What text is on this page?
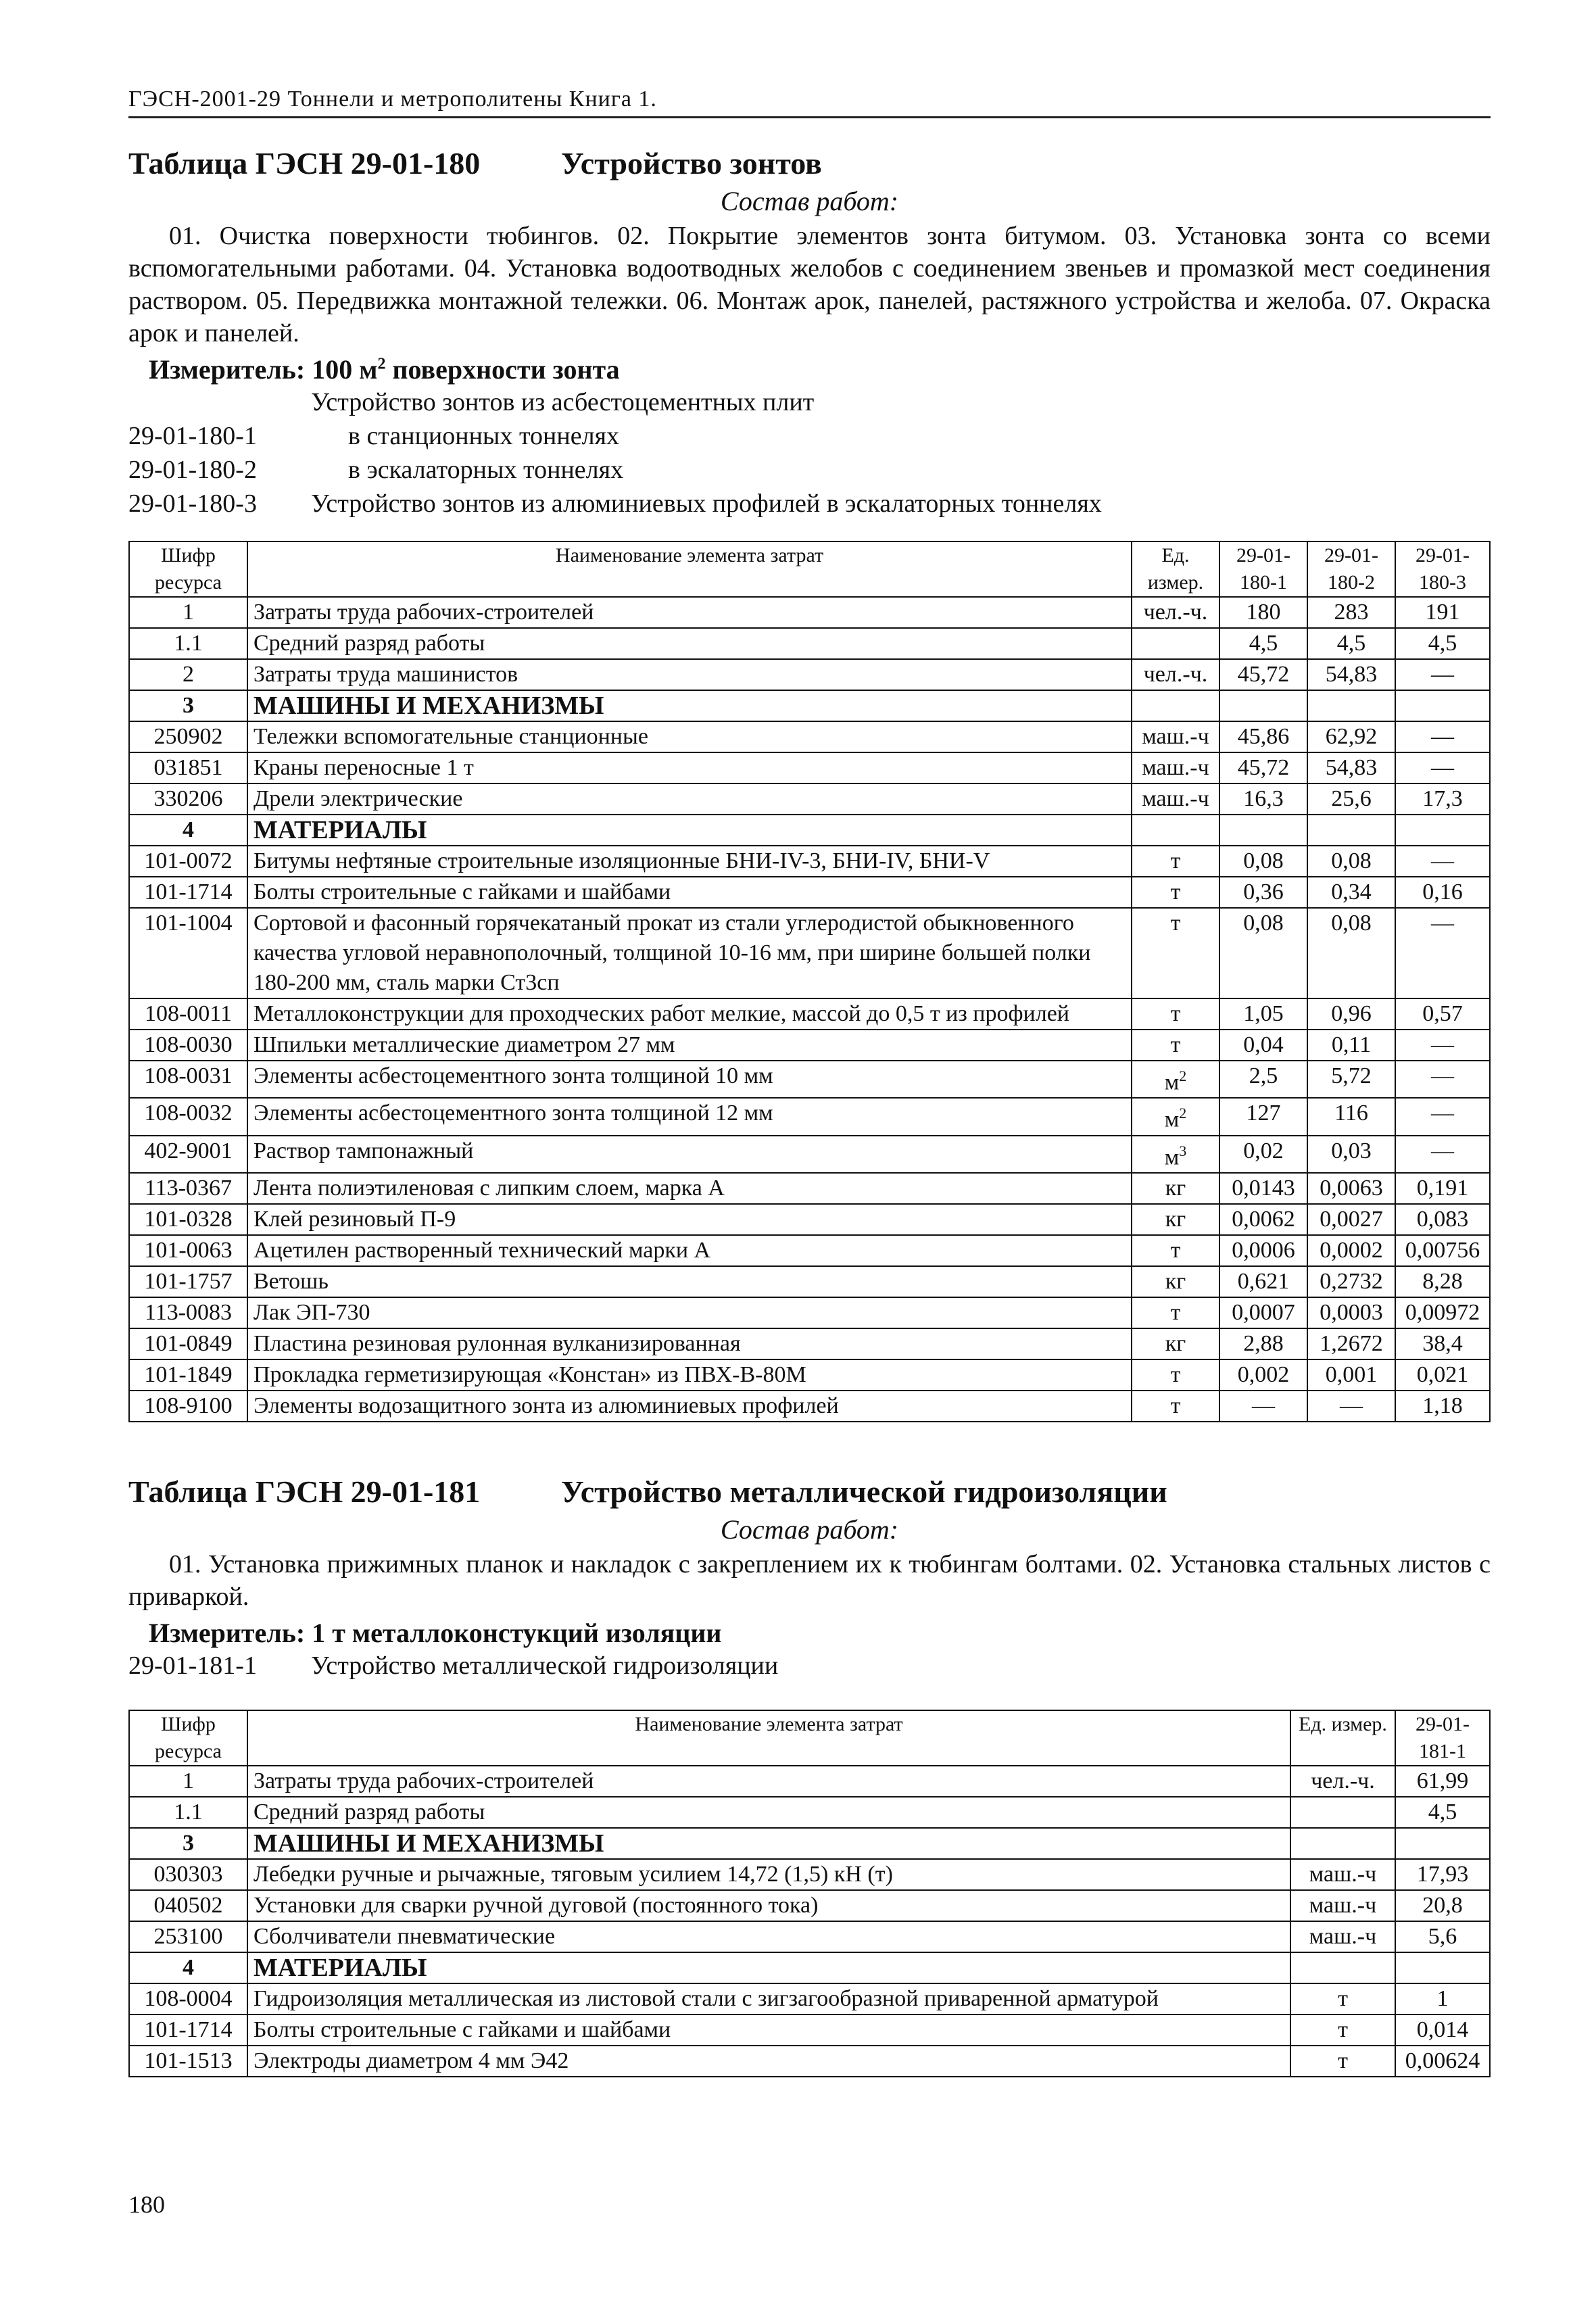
ГЭСН-2001-29 Тоннели и метрополитены Книга 1.
Таблица ГЭСН 29-01-180	Устройство зонтов
Состав работ:
01. Очистка поверхности тюбингов. 02. Покрытие элементов зонта битумом. 03. Установка зонта со всеми вспомогательными работами. 04. Установка водоотводных желобов с соединением звеньев и промазкой мест соединения раствором. 05. Передвижка монтажной тележки. 06. Монтаж арок, панелей, растяжного устройства и желоба. 07. Окраска арок и панелей.
Измеритель: 100 $м^2$ поверхности зонта
Устройство зонтов из асбестоцементных плит
29-01-180-1	в станционных тоннелях
29-01-180-2	в эскалаторных тоннелях
29-01-180-3	Устройство зонтов из алюминиевых профилей в эскалаторных тоннелях
Шифр ресурса	Наименование элемента затрат	Ед. измер.	29-01-180-1	29-01-180-2	29-01-180-3
1	Затраты труда рабочих-строителей	чел.-ч.	180	283	191
1.1	Средний разряд работы		4,5	4,5	4,5
2	Затраты труда машинистов	чел.-ч.	45,72	54,83	—
3	МАШИНЫ И МЕХАНИЗМЫ				
250902	Тележки вспомогательные станционные	маш.-ч	45,86	62,92	—
031851	Краны переносные 1 т	маш.-ч	45,72	54,83	—
330206	Дрели электрические	маш.-ч	16,3	25,6	17,3
4	МАТЕРИАЛЫ				
101-0072	Битумы нефтяные строительные изоляционные БНИ-IV-3, БНИ-IV, БНИ-V	т	0,08	0,08	—
101-1714	Болты строительные с гайками и шайбами	т	0,36	0,34	0,16
101-1004	Сортовой и фасонный горячекатаный прокат из стали углеродистой обыкновенного качества угловой неравнополочный, толщиной 10-16 мм, при ширине большей полки 180-200 мм, сталь марки Ст3сп	т	0,08	0,08	—
108-0011	Металлоконструкции для проходческих работ мелкие, массой до 0,5 т из профилей	т	1,05	0,96	0,57
108-0030	Шпильки металлические диаметром 27 мм	т	0,04	0,11	—
108-0031	Элементы асбестоцементного зонта толщиной 10 мм	$м^2$	2,5	5,72	—
108-0032	Элементы асбестоцементного зонта толщиной 12 мм	$м^2$	127	116	—
402-9001	Раствор тампонажный	$м^3$	0,02	0,03	—
113-0367	Лента полиэтиленовая с липким слоем, марка А	кг	0,0143	0,0063	0,191
101-0328	Клей резиновый П-9	кг	0,0062	0,0027	0,083
101-0063	Ацетилен растворенный технический марки А	т	0,0006	0,0002	0,00756
101-1757	Ветошь	кг	0,621	0,2732	8,28
113-0083	Лак ЭП-730	т	0,0007	0,0003	0,00972
101-0849	Пластина резиновая рулонная вулканизированная	кг	2,88	1,2672	38,4
101-1849	Прокладка герметизирующая «Констан» из ПВХ-В-80М	т	0,002	0,001	0,021
108-9100	Элементы водозащитного зонта из алюминиевых профилей	т	—	—	1,18
Таблица ГЭСН 29-01-181	Устройство металлической гидроизоляции
Состав работ:
01. Установка прижимных планок и накладок с закреплением их к тюбингам болтами. 02. Установка стальных листов с приваркой.
Измеритель: 1 т металлоконстукций изоляции
29-01-181-1	Устройство металлической гидроизоляции
Шифр ресурса	Наименование элемента затрат	Ед. измер.	29-01-181-1
1	Затраты труда рабочих-строителей	чел.-ч.	61,99
1.1	Средний разряд работы		4,5
3	МАШИНЫ И МЕХАНИЗМЫ		
030303	Лебедки ручные и рычажные, тяговым усилием 14,72 (1,5) кН (т)	маш.-ч	17,93
040502	Установки для сварки ручной дуговой (постоянного тока)	маш.-ч	20,8
253100	Сболчиватели пневматические	маш.-ч	5,6
4	МАТЕРИАЛЫ		
108-0004	Гидроизоляция металлическая из листовой стали с зигзагообразной приваренной арматурой	т	1
101-1714	Болты строительные с гайками и шайбами	т	0,014
101-1513	Электроды диаметром 4 мм Э42	т	0,00624
180
